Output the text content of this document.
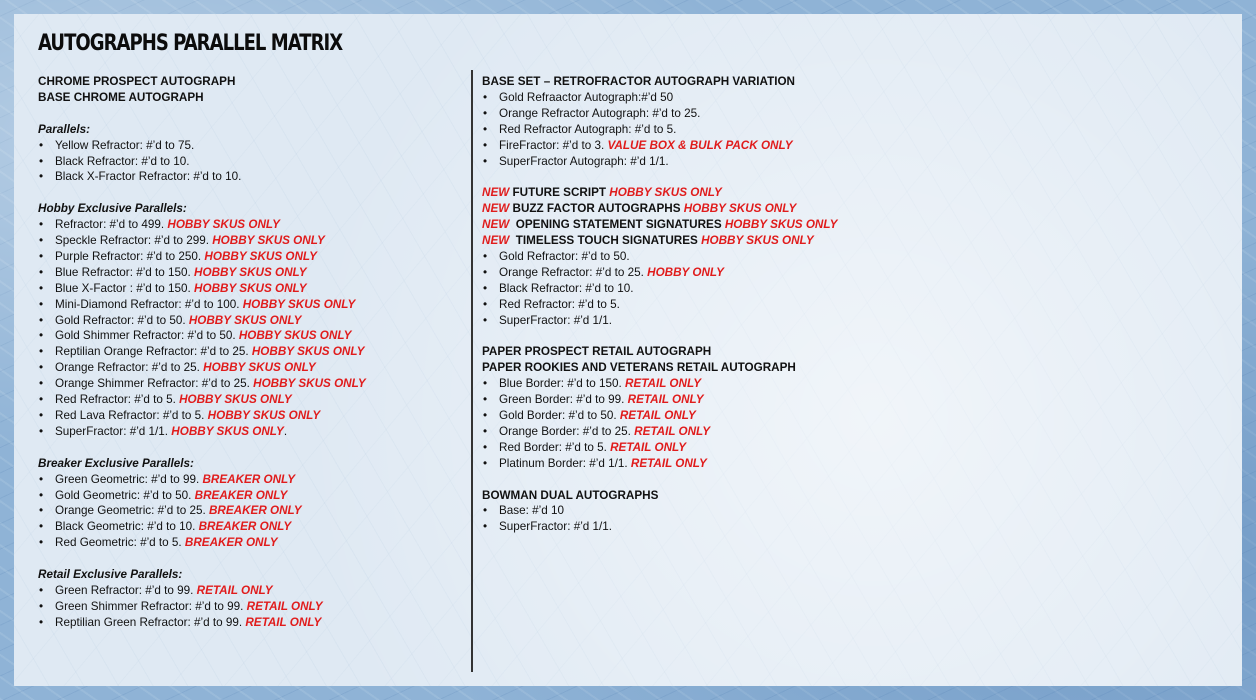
AUTOGRAPHS PARALLEL MATRIX
CHROME PROSPECT AUTOGRAPH
BASE CHROME AUTOGRAPH
Parallels:
• Yellow Refractor: #’d to 75.
• Black Refractor: #’d to 10.
• Black X-Fractor Refractor: #’d to 10.
Hobby Exclusive Parallels:
• Refractor: #’d to 499. HOBBY SKUS ONLY
• Speckle Refractor: #’d to 299. HOBBY SKUS ONLY
• Purple Refractor: #’d to 250. HOBBY SKUS ONLY
• Blue Refractor: #’d to 150. HOBBY SKUS ONLY
• Blue X-Factor : #’d to 150. HOBBY SKUS ONLY
• Mini-Diamond Refractor: #’d to 100. HOBBY SKUS ONLY
• Gold Refractor: #’d to 50. HOBBY SKUS ONLY
• Gold Shimmer Refractor: #’d to 50. HOBBY SKUS ONLY
• Reptilian Orange Refractor: #’d to 25. HOBBY SKUS ONLY
• Orange Refractor: #’d to 25. HOBBY SKUS ONLY
• Orange Shimmer Refractor: #’d to 25. HOBBY SKUS ONLY
• Red Refractor: #’d to 5. HOBBY SKUS ONLY
• Red Lava Refractor: #’d to 5. HOBBY SKUS ONLY
• SuperFractor: #’d 1/1. HOBBY SKUS ONLY.
Breaker Exclusive Parallels:
• Green Geometric: #’d to 99. BREAKER ONLY
• Gold Geometric: #’d to 50. BREAKER ONLY
• Orange Geometric: #’d to 25. BREAKER ONLY
• Black Geometric: #’d to 10. BREAKER ONLY
• Red Geometric: #’d to 5. BREAKER ONLY
Retail Exclusive Parallels:
• Green Refractor: #’d to 99. RETAIL ONLY
• Green Shimmer Refractor: #’d to 99. RETAIL ONLY
• Reptilian Green Refractor: #’d to 99. RETAIL ONLY
BASE SET – RETROFRACTOR AUTOGRAPH VARIATION
• Gold Refraactor Autograph:#’d 50
• Orange Refractor Autograph: #’d to 25.
• Red Refractor Autograph: #’d to 5.
• FireFractor: #’d to 3. VALUE BOX & BULK PACK ONLY
• SuperFractor Autograph: #’d 1/1.
NEW FUTURE SCRIPT HOBBY SKUS ONLY
NEW BUZZ FACTOR AUTOGRAPHS HOBBY SKUS ONLY
NEW  OPENING STATEMENT SIGNATURES HOBBY SKUS ONLY
NEW  TIMELESS TOUCH SIGNATURES HOBBY SKUS ONLY
• Gold Refractor: #’d to 50.
• Orange Refractor: #’d to 25. HOBBY ONLY
• Black Refractor: #’d to 10.
• Red Refractor: #’d to 5.
• SuperFractor: #’d 1/1.
PAPER PROSPECT RETAIL AUTOGRAPH
PAPER ROOKIES AND VETERANS RETAIL AUTOGRAPH
• Blue Border: #’d to 150. RETAIL ONLY
• Green Border: #’d to 99. RETAIL ONLY
• Gold Border: #’d to 50. RETAIL ONLY
• Orange Border: #’d to 25. RETAIL ONLY
• Red Border: #’d to 5. RETAIL ONLY
• Platinum Border: #’d 1/1. RETAIL ONLY
BOWMAN DUAL AUTOGRAPHS
• Base: #’d 10
• SuperFractor: #’d 1/1.
